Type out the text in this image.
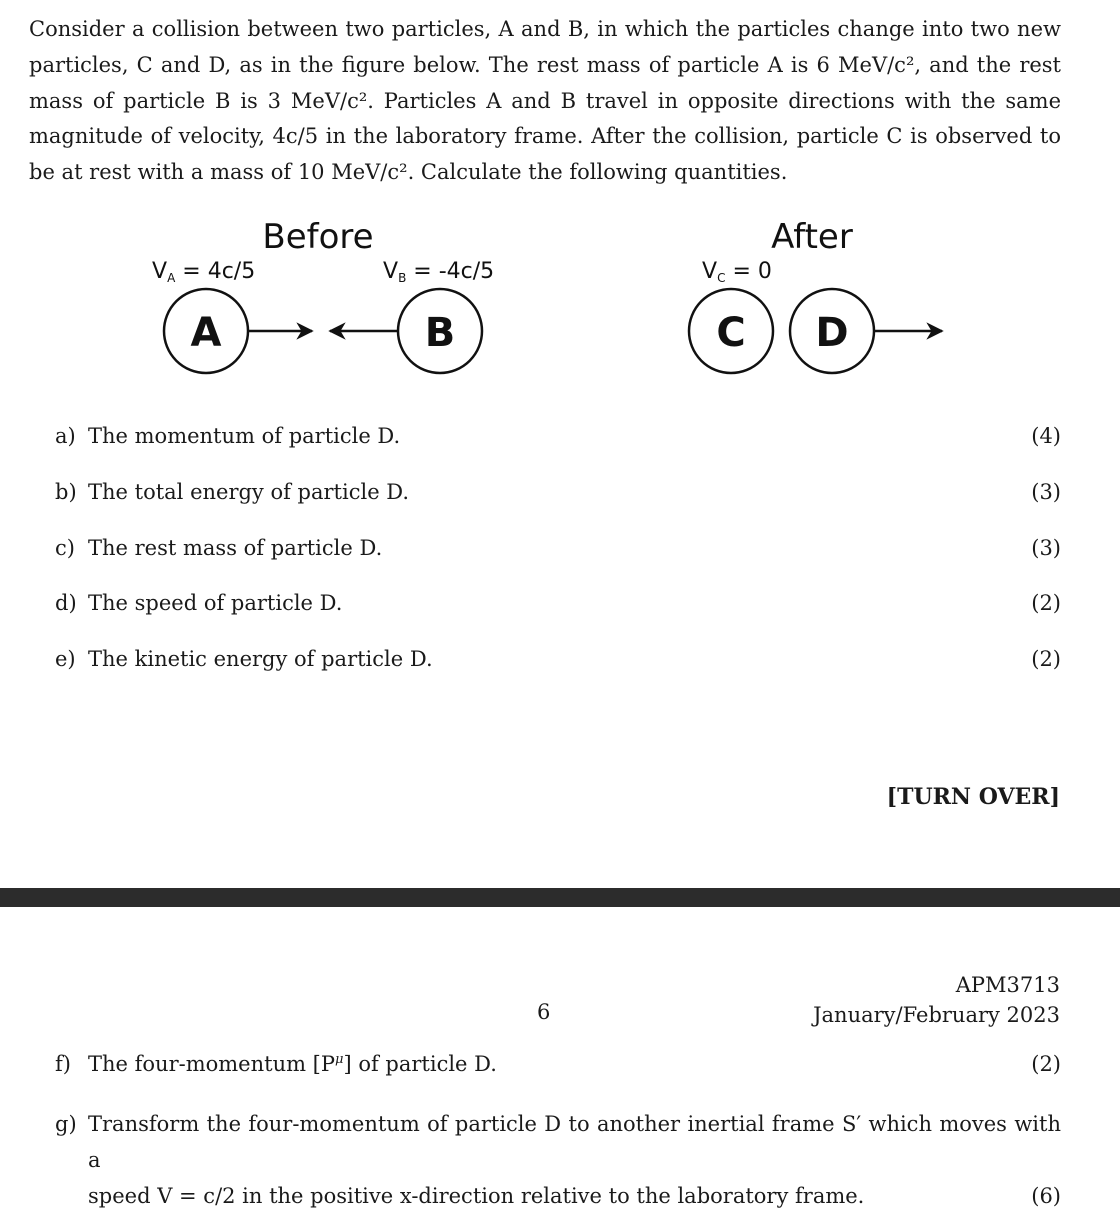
Consider a collision between two particles, A and B, in which the particles change into two new particles, C and D, as in the figure below. The rest mass of particle A is 6 MeV/c², and the rest mass of particle B is 3 MeV/c². Particles A and B travel in opposite directions with the same magnitude of velocity, 4c/5 in the laboratory frame. After the collision, particle C is observed to be at rest with a mass of 10 MeV/c². Calculate the following quantities.

Before
VA = 4c/5	VB = -4c/5
A	B
After
VC = 0
C D
a) The momentum of particle D.	(4)
b) The total energy of particle D.	(3)
c) The rest mass of particle D.	(3)
d) The speed of particle D.	(2)
e) The kinetic energy of particle D.	(2)
[TURN OVER]
APM3713
January/February 2023
6
f) The four-momentum $[P^\mu]$ of particle D.	(2)
g) Transform the four-momentum of particle D to another inertial frame S′ which moves with a
speed V = c/2 in the positive x-direction relative to the laboratory frame.	(6)
